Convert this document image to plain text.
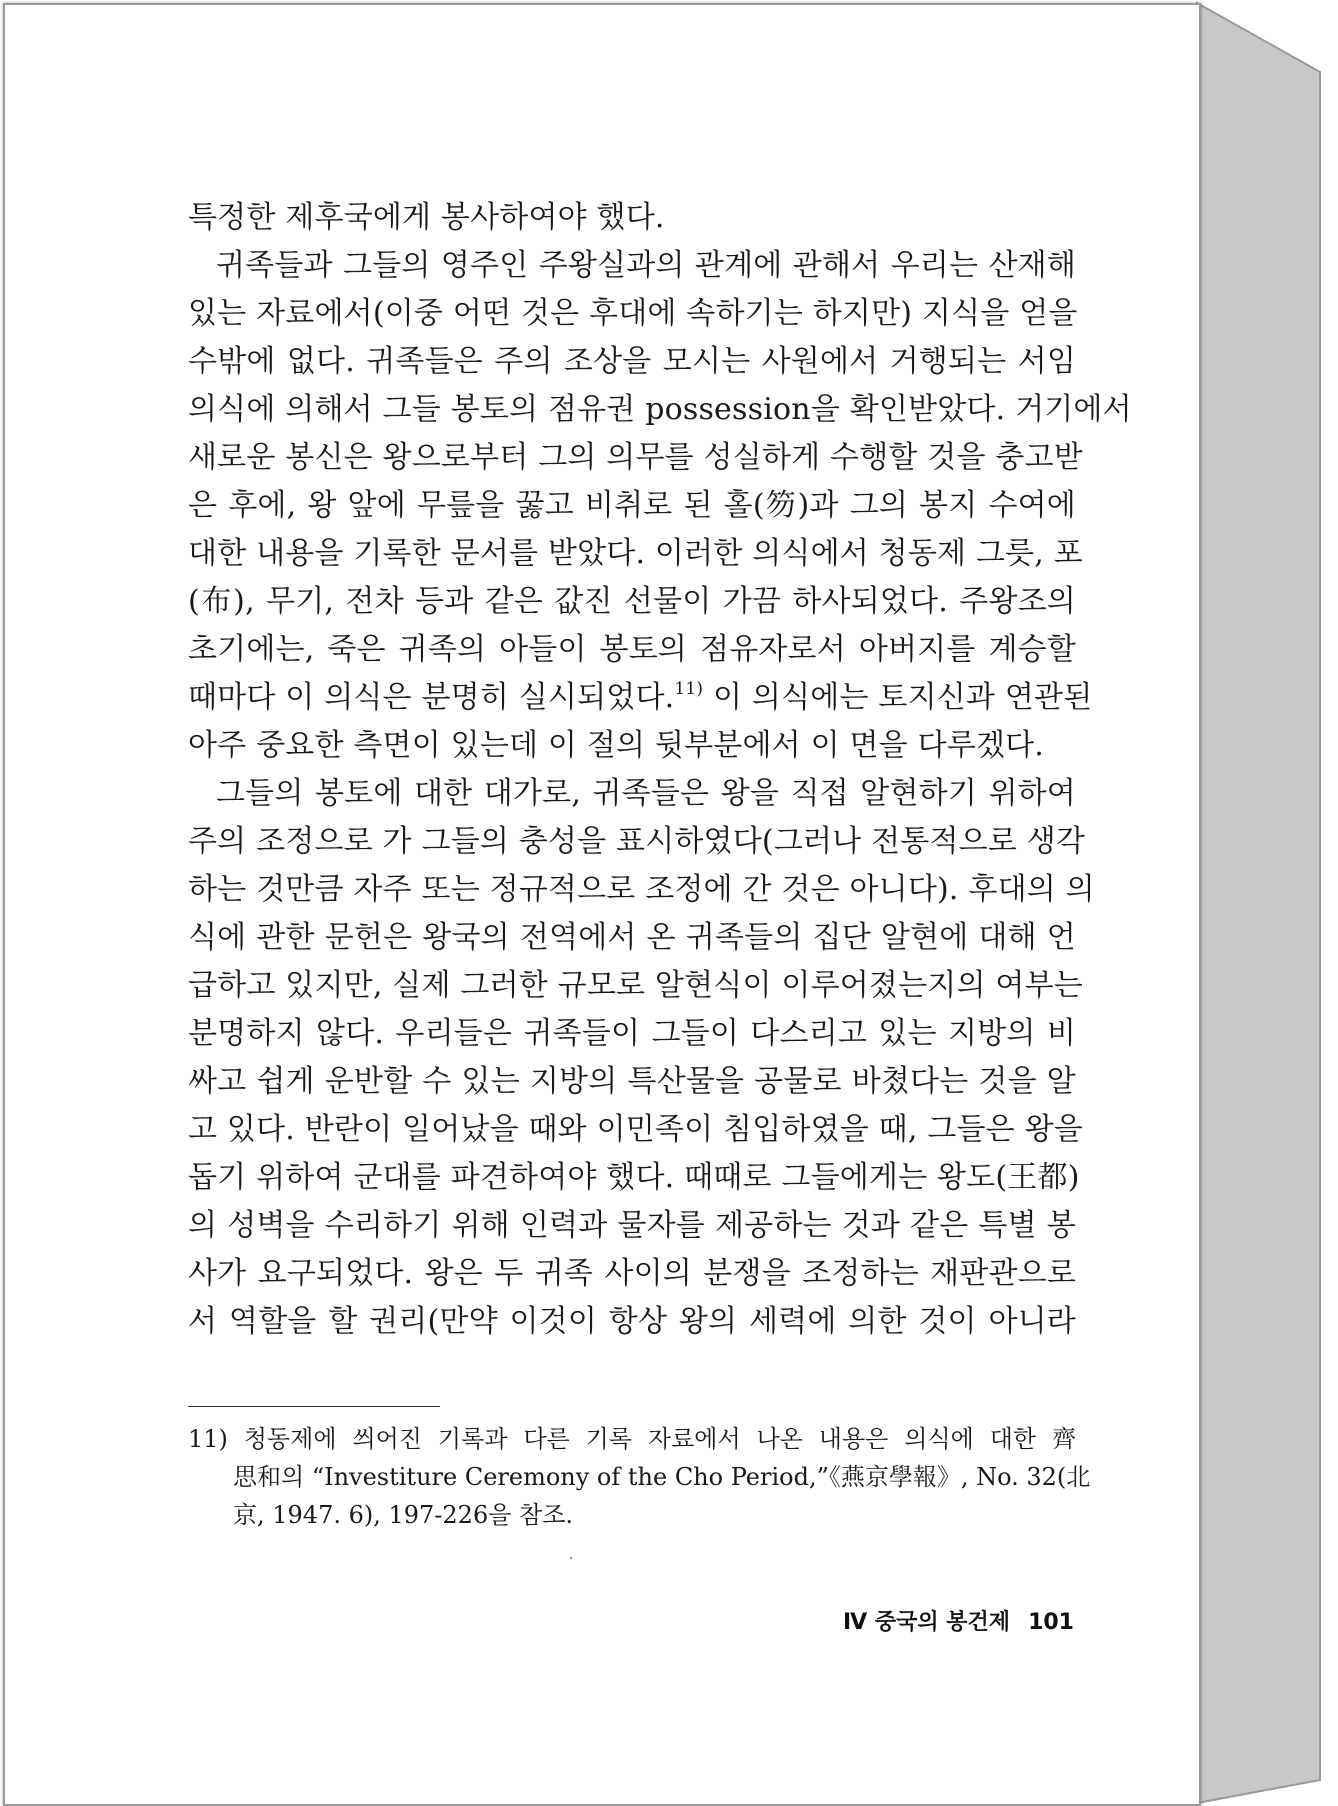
특정한 제후국에게 봉사하여야 했다.
귀족들과 그들의 영주인 주왕실과의 관계에 관해서 우리는 산재해
있는 자료에서(이중 어떤 것은 후대에 속하기는 하지만) 지식을 얻을
수밖에 없다. 귀족들은 주의 조상을 모시는 사원에서 거행되는 서임
의식에 의해서 그들 봉토의 점유권 possession을 확인받았다. 거기에서
새로운 봉신은 왕으로부터 그의 의무를 성실하게 수행할 것을 충고받
은 후에, 왕 앞에 무릎을 꿇고 비취로 된 홀(笏)과 그의 봉지 수여에
대한 내용을 기록한 문서를 받았다. 이러한 의식에서 청동제 그릇, 포
(布), 무기, 전차 등과 같은 값진 선물이 가끔 하사되었다. 주왕조의
초기에는, 죽은 귀족의 아들이 봉토의 점유자로서 아버지를 계승할
때마다 이 의식은 분명히 실시되었다.$^{11)}$ 이 의식에는 토지신과 연관된
아주 중요한 측면이 있는데 이 절의 뒷부분에서 이 면을 다루겠다.
그들의 봉토에 대한 대가로, 귀족들은 왕을 직접 알현하기 위하여
주의 조정으로 가 그들의 충성을 표시하였다(그러나 전통적으로 생각
하는 것만큼 자주 또는 정규적으로 조정에 간 것은 아니다). 후대의 의
식에 관한 문헌은 왕국의 전역에서 온 귀족들의 집단 알현에 대해 언
급하고 있지만, 실제 그러한 규모로 알현식이 이루어졌는지의 여부는
분명하지 않다. 우리들은 귀족들이 그들이 다스리고 있는 지방의 비
싸고 쉽게 운반할 수 있는 지방의 특산물을 공물로 바쳤다는 것을 알
고 있다. 반란이 일어났을 때와 이민족이 침입하였을 때, 그들은 왕을
돕기 위하여 군대를 파견하여야 했다. 때때로 그들에게는 왕도(王都)
의 성벽을 수리하기 위해 인력과 물자를 제공하는 것과 같은 특별 봉
사가 요구되었다. 왕은 두 귀족 사이의 분쟁을 조정하는 재판관으로
서 역할을 할 권리(만약 이것이 항상 왕의 세력에 의한 것이 아니라
11) 청동제에 씌어진 기록과 다른 기록 자료에서 나온 내용은 의식에 대한 齊
思和의 “Investiture Ceremony of the Cho Period,”《燕京學報》, No. 32(北
京, 1947. 6), 197-226을 참조.
Ⅳ 중국의 봉건제 101
